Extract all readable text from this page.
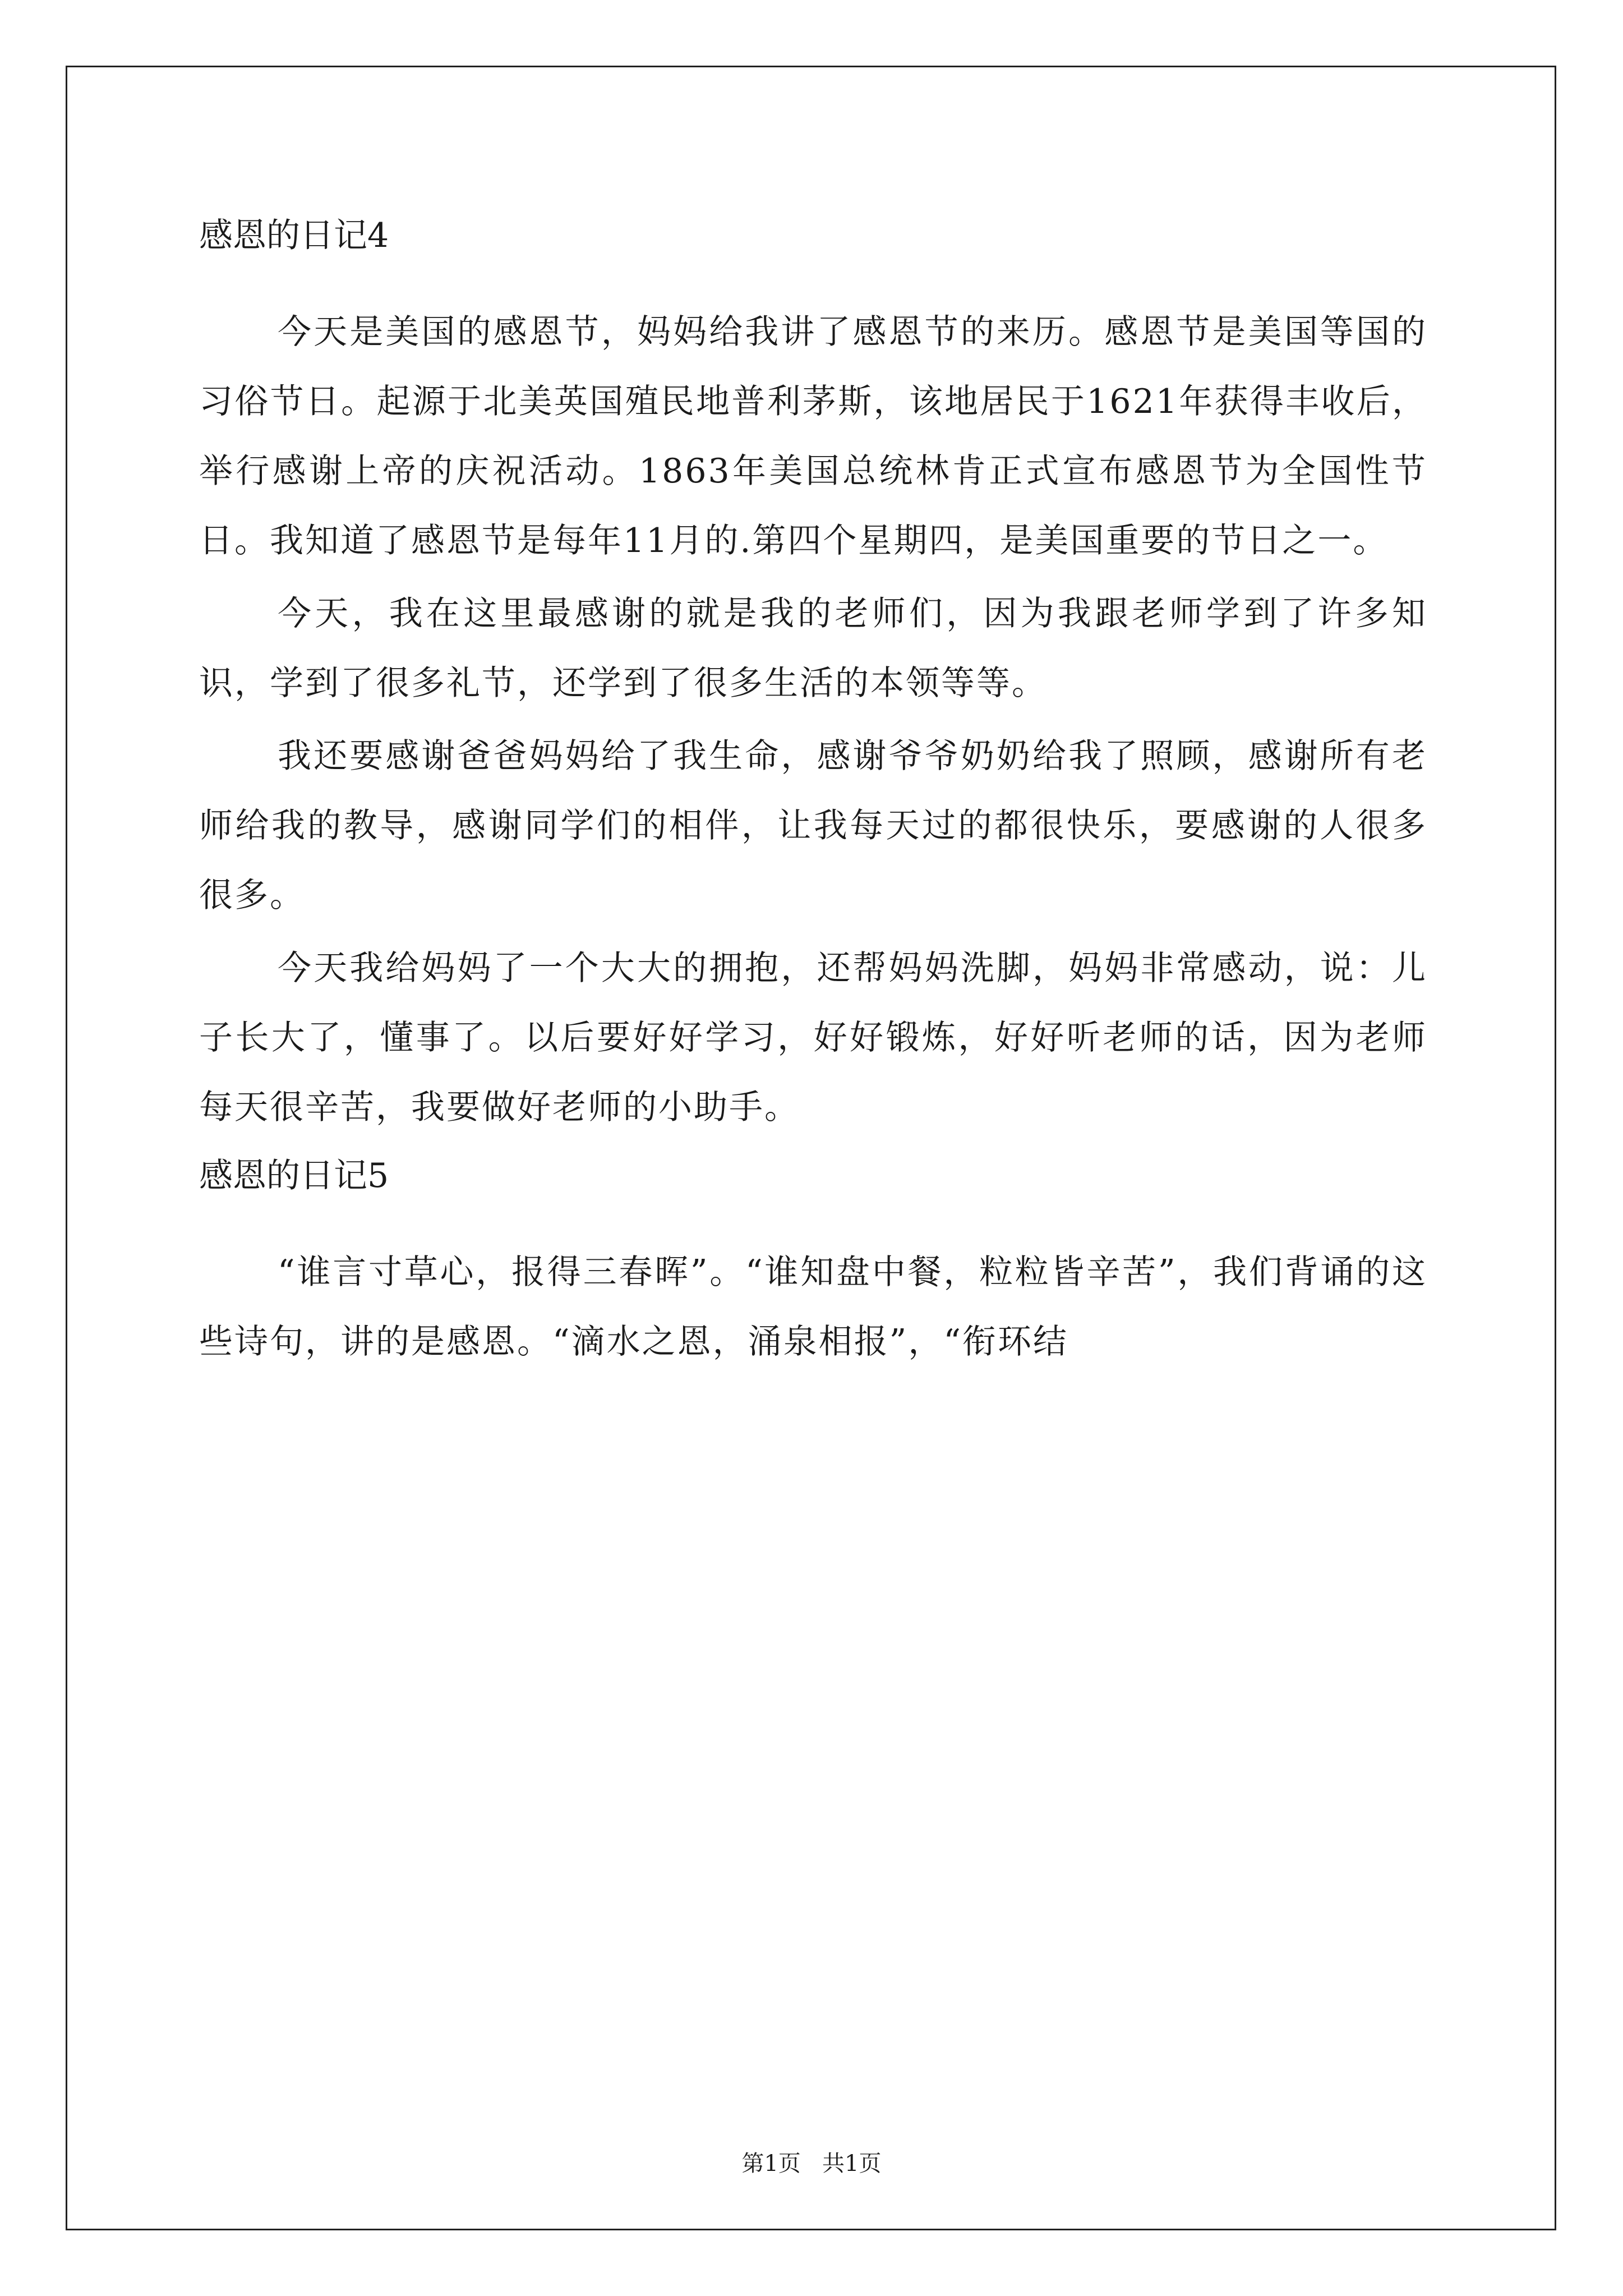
感恩的日记4

今天是美国的感恩节，妈妈给我讲了感恩节的来历。感恩节是美国等国的习俗节日。起源于北美英国殖民地普利茅斯，该地居民于1621年获得丰收后，举行感谢上帝的庆祝活动。1863年美国总统林肯正式宣布感恩节为全国性节日。我知道了感恩节是每年11月的.第四个星期四，是美国重要的节日之一。

今天，我在这里最感谢的就是我的老师们，因为我跟老师学到了许多知识，学到了很多礼节，还学到了很多生活的本领等等。

我还要感谢爸爸妈妈给了我生命，感谢爷爷奶奶给我了照顾，感谢所有老师给我的教导，感谢同学们的相伴，让我每天过的都很快乐，要感谢的人很多很多。

今天我给妈妈了一个大大的拥抱，还帮妈妈洗脚，妈妈非常感动，说：儿子长大了，懂事了。以后要好好学习，好好锻炼，好好听老师的话，因为老师每天很辛苦，我要做好老师的小助手。

感恩的日记5

“谁言寸草心，报得三春晖”。“谁知盘中餐，粒粒皆辛苦”，我们背诵的这些诗句，讲的是感恩。“滴水之恩，涌泉相报”，“衔环结

第1页   共1页
